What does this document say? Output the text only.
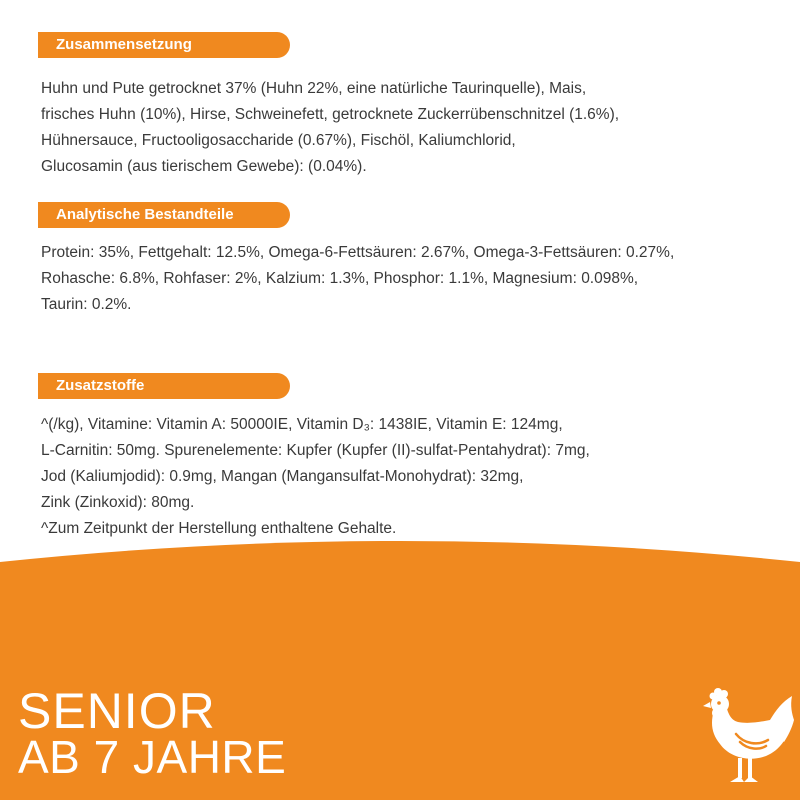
Zusammensetzung

Huhn und Pute getrocknet 37% (Huhn 22%, eine natürliche Taurinquelle), Mais,

frisches Huhn (10%), Hirse, Schweinefett, getrocknete Zuckerrübenschnitzel (1.6%),

Hühnersauce, Fructooligosaccharide (0.67%), Fischöl, Kaliumchlorid,

Glucosamin (aus tierischem Gewebe): (0.04%).

Analytische Bestandteile

Protein: 35%, Fettgehalt: 12.5%, Omega-6-Fettsäuren: 2.67%, Omega-3-Fettsäuren: 0.27%,

Rohasche: 6.8%, Rohfaser: 2%, Kalzium: 1.3%, Phosphor: 1.1%, Magnesium: 0.098%,

Taurin: 0.2%.

Zusatzstoffe

^(/kg), Vitamine: Vitamin A: 50000IE, Vitamin D₃: 1438IE, Vitamin E: 124mg,

L-Carnitin: 50mg. Spurenelemente: Kupfer (Kupfer (II)-sulfat-Pentahydrat): 7mg,

Jod (Kaliumjodid): 0.9mg, Mangan (Mangansulfat-Monohydrat): 32mg,

Zink (Zinkoxid): 80mg.

^Zum Zeitpunkt der Herstellung enthaltene Gehalte.

SENIOR
AB 7 JAHRE
